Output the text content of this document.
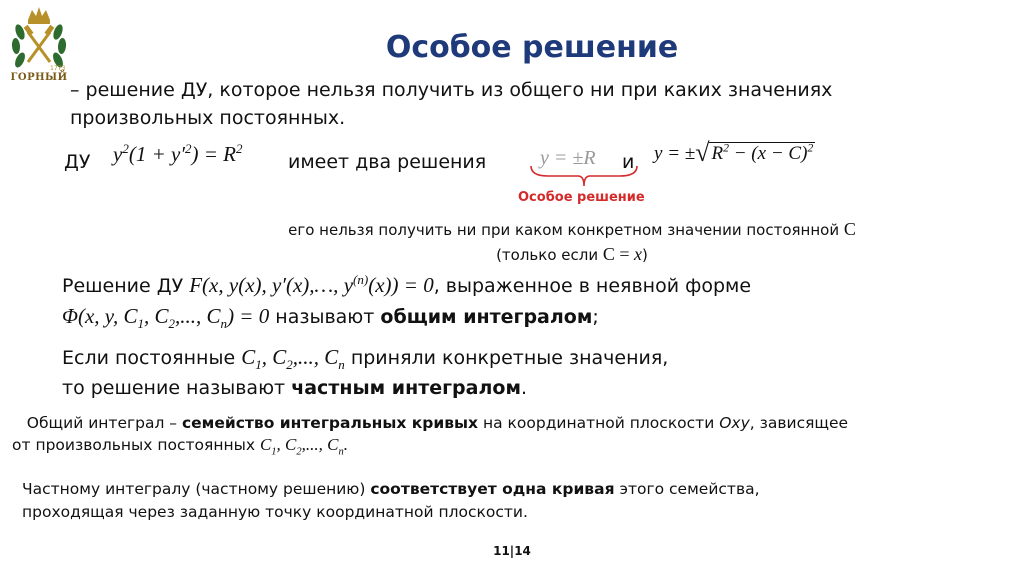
1773
ГОРНЫЙ
Особое решение
– решение ДУ, которое нельзя получить из общего ни при каких значениях
произвольных постоянных.
ДУ $y^2(1 + y'^2) = R^2$
имеет два решения	y = ±R и y = ±√ $R^2 - (x - C)^2$
Особое решение
его нельзя получить ни при каком конкретном значении постоянной C
(только если C = x)
Решение ДУ F(x, y(x), y′(x),…, $y^{(n)}(x)) = 0$, выраженное в неявной форме
Φ(x, y, $C_1$, $C_2$,..., $C_n) = 0$ называют общим интегралом;
Если постоянные $C_1$, $C_2$,..., $C_n$ приняли конкретные значения,
то решение называют частным интегралом.
Общий интеграл – семейство интегральных кривых на координатной плоскости Oxy, зависящее
от произвольных постоянных $C_1$, $C_2$,..., $C_n$.
Частному интегралу (частному решению) соответствует одна кривая этого семейства,
проходящая через заданную точку координатной плоскости.
11|14
